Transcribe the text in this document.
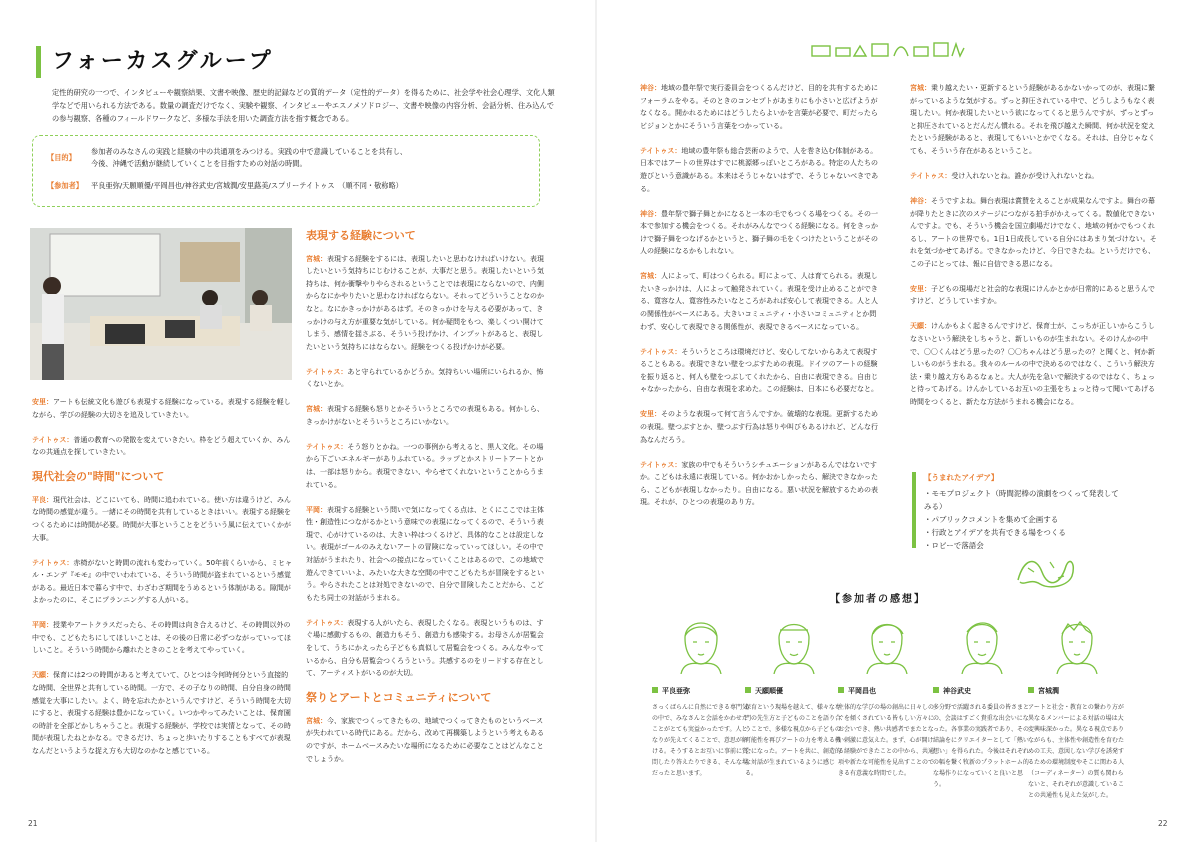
フォーカスグループ

定性的研究の一つで、インタビューや観察結果、文書や映像、歴史的記録などの質的データ（定性的データ）を得るために、社会学や社会心理学、文化人類学などで用いられる方法である。数量の調査だけでなく、実験や観察、インタビューやエスノメソドロジー、文書や映像の内容分析、会話分析、住み込んでの参与観察、各種のフィールドワークなど、多様な手法を用いた調査方法を指す概念である。

【目的】
参加者のみなさんの実践と経験の中の共通項をみつける。実践の中で意識していることを共有し、
今後、沖縄で活動が継続していくことを目指すための対話の時間。
【参加者】 平良亜弥/天願順優/平岡昌也/神谷武史/宮城潤/安里蕗美/スプリーテイトゥス　（順不同・敬称略）

安里：アートも伝統文化も遊びも表現する経験になっている。表現する経験を軽しながら、学びの経験の大切さを追及していきたい。

テイトゥス：普通の教育への発散を変えていきたい。枠をどう超えていくか、みんなの共通点を探していきたい。

現代社会の"時間"について

平良：現代社会は、どこにいても、時間に追われている。使い方は違うけど、みんな時間の感覚が違う。一緒にその時間を共有しているときはいい。表現する経験をつくるためには時間が必要。時間が大事ということをどういう風に伝えていくかが大事。

テイトゥス：赤椅がないと時間の流れも変わっていく。50年前くらいから、ミヒャル・エンデ『モモ』の中でいわれている、そういう時間が盗まれているという感覚がある。最近日本で暮らす中で、わざわざ期間をうめるという体制がある。隙間がよかったのに、そこにプランニングする人がいる。

平岡：授業やアートクラスだったら、その時間は向き合えるけど、その時間以外の中でも、こどもたちにしてほしいことは、その後の日常に必ずつながっていってほしいこと。そういう時間から離れたときのことを考えてやっていく。

天願：保育には2つの時間があると考えていて、ひとつは今何時何分という直接的な時間、全世界と共有している時間。一方で、その子なりの時間、自分自身の時間感覚を大事にしたい。よく、時を忘れたかというんですけど、そういう時間を大切にすると、表現する経験は豊かになっていく。いつかやってみたいことは、保育園の時計を全部どかしちゃうこと。表現する経験が、学校では実情となって、その時間が表現したねとかなる。できるだけ、ちょっと歩いたりすることもすべてが表現なんだというような捉え方も大切なのかなと感じている。

表現する経験について

宮城：表現する経験をするには、表現したいと思わなければいけない。表現したいという気持ちにじむけることが、大事だと思う。表現したいという気持ちは、何か衝撃やりやらされるということでは表現にならないので、内側からなにかやりたいと思わなければならない。それってどういうことなのかなと。なにかきっかけがあるはず。そのきっかけを与える必要があって、きっかけの与え方が重要な気がしている。何か疑問をもつ、楽しくつい開けてしまう、感情を揺さぶる、そういう投げかけ、インプットがあると、表現したいという気持ちにはならない。経験をつくる投げかけが必要。

テイトゥス：あと守られているかどうか。気持ちいい場所にいられるか、怖くないとか。

宮城：表現する経験も怒りとかそういうところでの表現もある。何かしら、きっかけがないとそういうところにいかない。

テイトゥス：そう怒りとかね。一つの事例から考えると、黒人文化。その場から下ごいエネルギーがありふれている。ラップとかストリートアートとかは、一部は怒りから。表現できない、やらせてくれないということからうまれている。

平岡：表現する経験という問いで気になってくる点は、とくにここでは主体性・創造性につながるかという意味での表現になってくるので、そういう表現で、心がけているのは、大きい枠はつくるけど、具体的なことは設定しない。表現がゴールのみえないアートの冒険になっていってほしい。その中で対話がうまれたり、社会への接点になっていくことはあるので、この地域で遊んできていいよ、みたいな大きな空間の中でこどもたちが冒険をするという。やらされたことは対処できないので、自分で冒険したことだから、こどもたち同士の対話がうまれる。

テイトゥス：表現する人がいたら、表現したくなる。表現というものは、すぐ場に感動するもの、創造力もそう、創造力も感染する。お母さんが居覧会をして、うちにかえったら子どもも真似して居覧会をつくる。みんなやっているから、自分も居覧会つくろうという。共感するのをリードする存在として、アーティストがいるのが大切。

祭りとアートとコミュニティについて

宮城：今、家族でつくってきたもの、地域でつくってきたものというベースが失われている時代にある。だから、改めて再構築しようという考えもあるのですが、ホームベースみたいな場所になるために必要なことはどんなことでしょうか。

21

神谷：地域の豊年祭で実行委員会をつくるんだけど、目的を共有するためにフォーラムをやる。そのときのコンセプトがあまりにも小さいと広げようがなくなる。開かれるためにはどうしたらよいかを言葉が必要で、町だったらビジョンとかにそういう言葉をつかっている。

テイトゥス：地域の豊年祭も総合芸術のようで、人を巻き込む体制がある。日本ではアートの世界はすでに桃源郷っぽいところがある。特定の人たちの遊びという意識がある。本来はそうじゃないはずで、そうじゃないべきである。

神谷：豊年祭で獅子舞とかになると一本の毛でもつくる場をつくる。その一本で参加する機会をつくる。それがみんなでつくる経験になる。何をきっかけで獅子舞をつなげるかというと、獅子舞の毛をくつけたということがその人の経験になるかもしれない。

宮城：人によって、町はつくられる。町によって、人は育てられる。表現したいきっかけは、人によって触発されていく。表現を受け止めることができる、寛容な人、寛容性みたいなところがあれば安心して表現できる。人と人の関係性がベースにある。大きいコミュニティ・小さいコミュニティとか問わず、安心して表現できる関係性が、表現できるベースになっている。

テイトゥス：そういうところは環境だけど、安心してないからあえて表現することもある。表現できない壁をつぶすための表現。ドイツのアートの経験を振り返ると、何人も壁をつぶしてくれたから、自由に表現できる。自由じゃなかったから、自由な表現を求めた。この経験は、日本にも必要だなと。

安里：そのような表現って何て言うんですか。破壊的な表現。更新するための表現。壁つぶすとか、壁つぶす行為は怒りや叫びもあるけれど、どんな行為なんだろう。

テイトゥス：家族の中でもそういうシチュエーションがあるんではないですか。こどもは永遠に表現している。何かおかしかったら、解決できなかったら、こどもが表現しなかったり。自由になる。悪い状況を解放するための表現。それが、ひとつの表現のあり方。

宮城：乗り越えたい・更新するという経験があるかないかってのが、表現に繋がっているような気がする。ずっと抑圧されている中で、どうしようもなく表現したい。何か表現したいという欲になってくると思うんですが、ずっとずっと抑圧されているとだんだん慣れる。それを飛び越えた瞬間、何か状況を変えたという経験があると、表現してもいいとかでくなる。それは、自分じゃなくても、そういう存在があるということ。

テイトゥス：受け入れないとね。誰かが受け入れないとね。

神谷：そうですよね。舞台表現は賞賛をえることが成果なんですよ。舞台の幕が降りたときに次のステージにつながる拍手がかえってくる。数値化できないんですよ。でも、そういう機会を国立劇場だけでなく、地域の何かでもつくれるし、アートの世界でも。1日1日成長している自分にはあまり気づけない。それを気づかせてあげる。できなかったけど、今日できたね。というだけでも、この子にとっては、報に自信できる恩になる。

安里：子どもの現場だと社会的な表現にけんかとかが日常的にあると思うんですけど、どうしていますか。

天願：けんかもよく起きるんですけど、保育士が、こっちが正しいからこうしなさいという解決をしちゃうと、新しいものが生まれない。そのけんかの中で、〇〇くんはどう思ったの？〇〇ちゃんはどう思ったの？と聞くと、何か新しいものがうまれる。我々のルールの中で決めるのではなく、こういう解決方法・乗り越え方もあるなぁと。大人が先を急いで解決するのではなく、ちょっと待ってあげる。けんかしているお互いの主張をちょっと待って聞いてあげる時間をつくると、新たな方法がうまれる機会になる。

【うまれたアイデア】
・モモプロジェクト（時間泥棒の演劇をつくって発表してみる）
・パブリックコメントを集めて企画する
・行政とアイデアを共有できる場をつくる
・ロビーで落語会
【参加者の感想】
平良亜弥
さっくばらんに自然にできる専門気の中で、みなさんと会話をかわせたことがとても実益かったです。人となりが先えてくることで、意思が解ける。そうするとお互いに事前に質問したり答えたりできる、そんな場だったと思います。
天願順優
保育という現場を越えて、様々な専門の先生方と子どものことを語り合うことで、多様な視点から子どもの可能性を再びアートの力を考える機会になった。アートを共に、創造的な対話が生まれているように感じる。
平岡昌也
主体的な学びの場の創出に日々しのぐを傾くされている皆もしい方々にお会いでき、熱い共感者でまたとない刺激に意気えた。まず、心が開ける経験ができたことの中から、共通項や新たな可能性を見出すことのできる有意義な時間でした。
神谷武史
多分野で活躍される委員の皆さまとの、会談はすごく貴重な出会いになった。各事業の実践者であり、その結論をにクリエイターとして「熱い想い」を得られた。今後はそれぞれの幅を繋く牧新のプラットホーム的な場作りになっていくと良いと思う。
宮城潤
アートと社会・教育との繋わり方が異なるメンバーによる対話の場は大変興味深かった。異なる視点でありながらも、主体性や創造性を育むための工夫、意図しない学びを誘発するための環境制度やそこに関わる人（コーディネーター）の質も関わらないと、それぞれが意識していることの共通性も見えた気がした。
22
